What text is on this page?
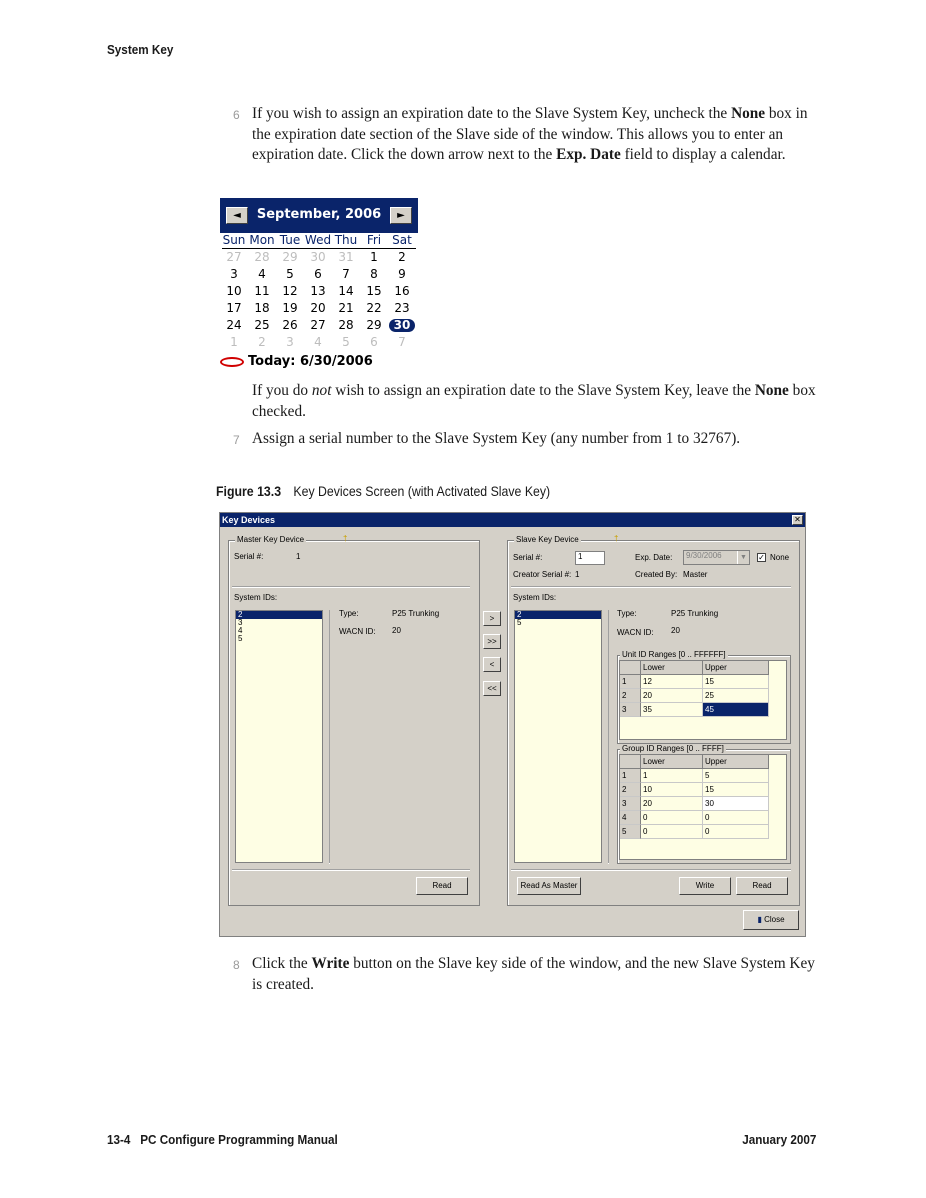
System Key
6 If you wish to assign an expiration date to the Slave System Key, uncheck the None box in the expiration date section of the Slave side of the window. This allows you to enter an expiration date. Click the down arrow next to the Exp. Date field to display a calendar.
◄	September, 2006	►
Sun Mon Tue Wed Thu Fri Sat
27	28	29	30	31	1	2
3	4	5	6	7	8	9
10	11	12	13	14	15	16
17	18	19	20	21	22	23
24	25	26	27	28	29	30
1	2	3	4	5	6	7
Today: 6/30/2006
If you do not wish to assign an expiration date to the Slave System Key, leave the None box checked.
7 Assign a serial number to the Slave System Key (any number from 1 to 32767).
Figure 13.3 Key Devices Screen (with Activated Slave Key)
Key Devices	✕
Master Key Device	†
Serial #:	1
System IDs:
2
3
4
5
Type:	P25 Trunking
WACN ID: 20
Read
>
>>
<
<<
Slave Key Device	†
Serial #:	1
Creator Serial #: 1
Exp. Date:	9/30/2006	▼ ✓ None
Created By: Master
System IDs:
2
5
Type:	P25 Trunking
WACN ID: 20
Unit ID Ranges [0 .. FFFFFF]
Lower	Upper
1	12	15
2	20	25
3	35	45
Group ID Ranges [0 .. FFFF]
Lower	Upper
1	1	5
2	10	15
3	20	30
4	0	0
5	0	0
Read As Master	Write	Read
▮ Close
8 Click the Write button on the Slave key side of the window, and the new Slave System Key is created.
13-4 PC Configure Programming Manual	January 2007
